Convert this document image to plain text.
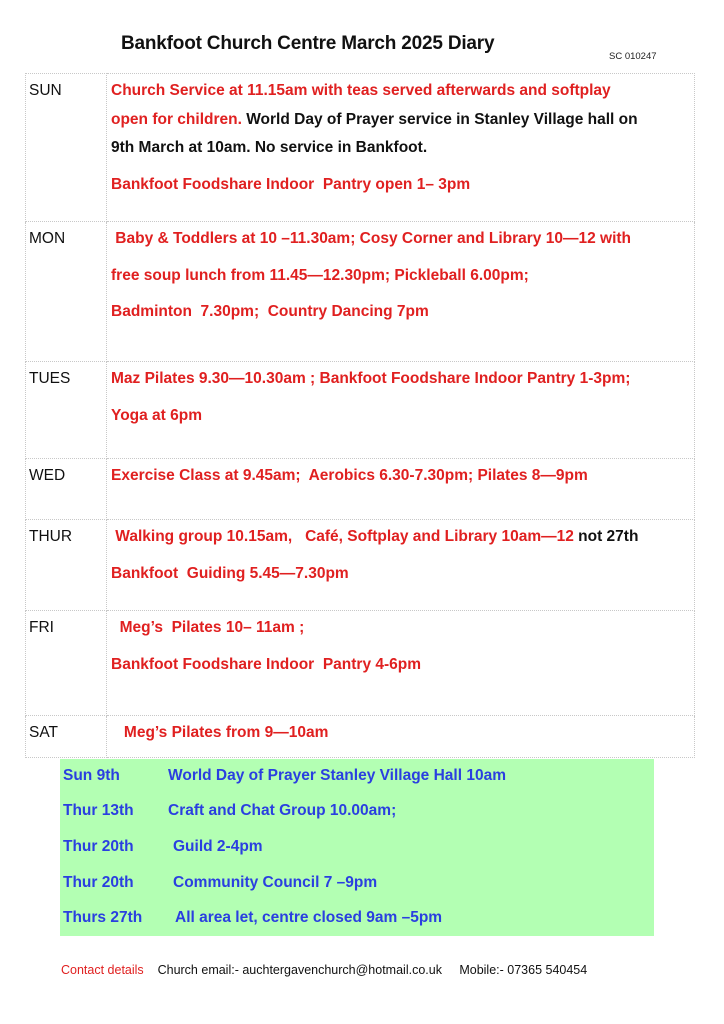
Bankfoot Church Centre March 2025 Diary
SC 010247
SUN	Church Service at 11.15am with teas served afterwards and softplay
open for children. World Day of Prayer service in Stanley Village hall on
9th March at 10am. No service in Bankfoot.
Bankfoot Foodshare Indoor  Pantry open 1– 3pm

MON	Baby & Toddlers at 10 –11.30am; Cosy Corner and Library 10—12 with
free soup lunch from 11.45—12.30pm; Pickleball 6.00pm;
Badminton  7.30pm;  Country Dancing 7pm

TUES	Maz Pilates 9.30—10.30am ; Bankfoot Foodshare Indoor Pantry 1-3pm;
Yoga at 6pm

WED	Exercise Class at 9.45am;  Aerobics 6.30-7.30pm; Pilates 8—9pm

THUR	Walking group 10.15am,   Café, Softplay and Library 10am—12 not 27th
Bankfoot  Guiding 5.45—7.30pm

FRI	Meg’s  Pilates 10– 11am ;
Bankfoot Foodshare Indoor  Pantry 4-6pm

SAT	Meg’s Pilates from 9—10am
Sun 9th	World Day of Prayer Stanley Village Hall 10am
Thur 13th Craft and Chat Group 10.00am;
Thur 20th	Guild 2-4pm
Thur 20th	Community Council 7 –9pm
Thurs 27th All area let, centre closed 9am –5pm
Contact details Church email:- auchtergavenchurch@hotmail.co.uk Mobile:- 07365 540454
